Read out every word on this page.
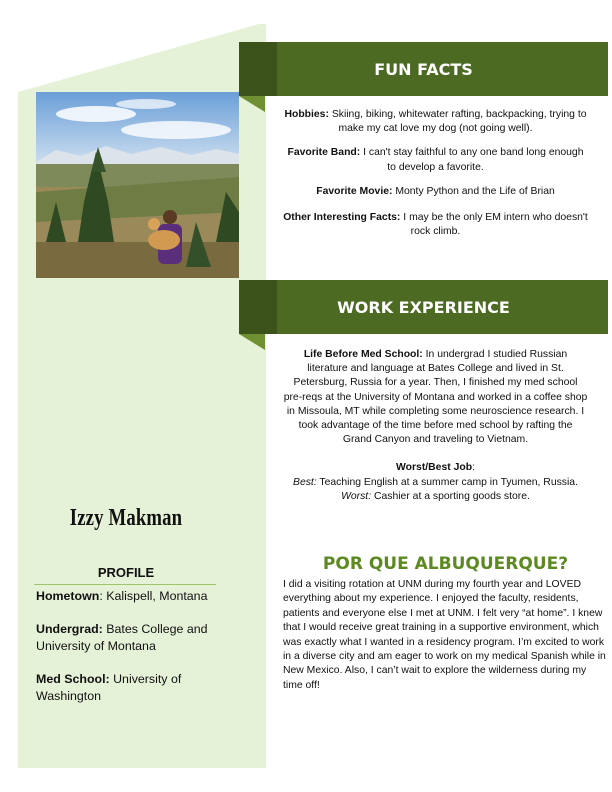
FUN FACTS

Hobbies: Skiing, biking, whitewater rafting, backpacking, trying to make my cat love my dog (not going well).

Favorite Band: I can't stay faithful to any one band long enough to develop a favorite.

Favorite Movie: Monty Python and the Life of Brian

Other Interesting Facts: I may be the only EM intern who doesn't rock climb.

WORK EXPERIENCE

Life Before Med School: In undergrad I studied Russian literature and language at Bates College and lived in St. Petersburg, Russia for a year. Then, I finished my med school pre-reqs at the University of Montana and worked in a coffee shop in Missoula, MT while completing some neuroscience research. I took advantage of the time before med school by rafting the Grand Canyon and traveling to Vietnam.

Worst/Best Job:

Best: Teaching English at a summer camp in Tyumen, Russia.

Worst: Cashier at a sporting goods store.

POR QUE ALBUQUERQUE?
I did a visiting rotation at UNM during my fourth year and LOVED everything about my experience. I enjoyed the faculty, residents, patients and everyone else I met at UNM. I felt very “at home”. I knew that I would receive great training in a supportive environment, which was exactly what I wanted in a residency program. I’m excited to work in a diverse city and am eager to work on my medical Spanish while in New Mexico. Also, I can’t wait to explore the wilderness during my time off!
Izzy Makman
PROFILE

Hometown: Kalispell, Montana

Undergrad: Bates College and University of Montana

Med School: University of Washington
